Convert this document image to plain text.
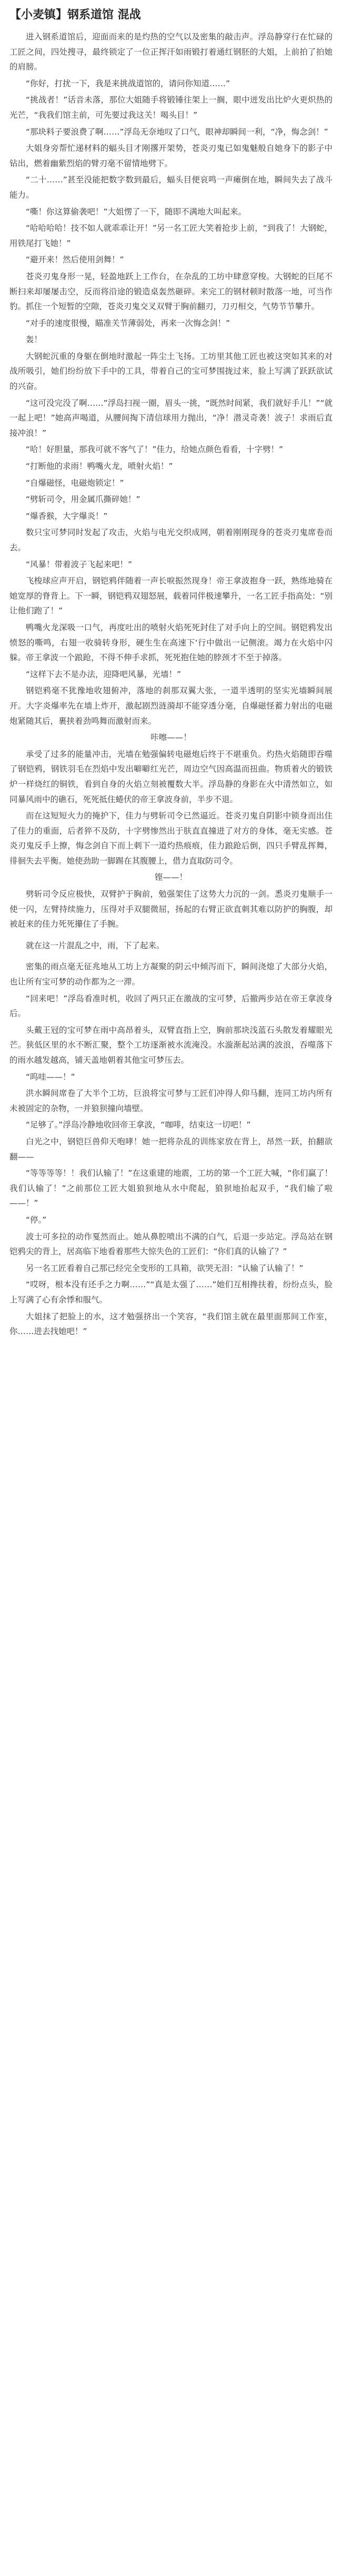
【小麦镇】钢系道馆 混战

进入钢系道馆后，迎面而来的是灼热的空气以及密集的敲击声。浮岛静穿行在忙碌的工匠之间，四处搜寻，最终锁定了一位正挥汗如雨锻打着通红钢胚的大姐，上前拍了拍她的肩膀。

“你好，打扰一下，我是来挑战道馆的，请问你知道……”

“挑战者！”话音未落，那位大姐随手将锻锤往架上一搁，眼中迸发出比炉火更炽热的光芒，“我我们馆主前，可先要过我这关！喝头目！”

“那块料子要浪费了啊……”浮岛无奈地叹了口气，眼神却瞬间一利，“净，悔念剑！”

大姐身旁帮忙递材料的蝠头目才刚撂开架势，苍炎刃鬼已如鬼魅般自她身下的影子中钻出，燃着幽紫烈焰的臂刃毫不留情地劈下。

“二十……”甚至没能把数字数到最后，蝠头目便哀鸣一声瘫倒在地，瞬间失去了战斗能力。

“嘶！你这算偷袭吧！”大姐愣了一下，随即不满地大叫起来。

“哈哈哈哈！技不如人就乖乖让开！”另一名工匠大笑着抢步上前，“到我了！大钢蛇，用铁尾打飞她！”

“避开来！然后使用剑舞！”

苍炎刃鬼身形一晃，轻盈地跃上工作台，在杂乱的工坊中肆意穿梭。大钢蛇的巨尾不断扫来却屡屡击空，反而将沿途的锻造桌轰然砸碎。来完工的钢材顿时散落一地，可当作豹。抓住一个短暂的空隙，苍炎刃鬼交叉双臂于胸前翻刃，刀刃相交，气势节节攀升。

“对手的速度很慢，瞄准关节薄弱处，再来一次悔念剑！”

轰！

大钢蛇沉重的身躯在倒地时激起一阵尘土飞扬。工坊里其他工匠也被这突如其来的对战所吸引，她们纷纷放下手中的工具，带着自己的宝可梦围拢过来，脸上写满了跃跃欲试的兴奋。

“这可没完没了啊……”浮岛扫视一圈，眉头一挑，“既然时间紧，我们就好手儿！”“就一起上吧！”她高声喝道，从腰间掏下清信球用力抛出，“净！潜灵奇袭！波子！求雨后直接冲浪！”

“哈！好胆量，那我可就不客气了！”佳力，给她点颜色看看，十字劈！”

“打断他的求雨！鸭嘴火龙，喷射火焰！”

“自爆磁怪，电磁炮锁定！”

“劈斩司令，用金属爪撕碎她！”

“爆香猴，大字爆炎！”

数只宝可梦同时发起了攻击，火焰与电光交织成网，朝着刚刚现身的苍炎刃鬼席卷而去。

“风暴！带着波子飞起来吧！”

飞梭球应声开启，钢铠鸦伴随着一声长唳振然现身！帝王拿波抱身一跃，熟练地骑在她宽厚的脊背上。下一瞬，钢铠鸦双翅怒展，载着同伴极速攀升，一名工匠手指高处：“别让他们跑了！”

鸭嘴火龙深吸一口气，再度吐出的喷射火焰死死封住了对手向上的空间。钢铠鸦发出愤怒的嘶鸣，右翅一收骑转身形，硬生生在高速下‘行中做出一记侧滚。竭力在火焰中闪躲。帝王拿波一个踉跄，不得不伸手求抓，死死抱住她的脖颈才不至于掉落。

“这样下去不是办法，迎降吧风暴，光墙！”

钢铠鸦毫不犹豫地收翅俯冲，落地的刹那双翼大张，一道半透明的坚实光墙瞬间展开。大字炎爆率先在墙上炸开，激起剧烈涟漪却不能穿透分毫，自爆磁怪蓄力射出的电磁炮紧随其后，裹挟着劲鸣舞而激射而来。

咔嚓——！

承受了过多的能量冲击，光墙在勉强偏转电磁炮后终于不堪重负。灼热火焰随即吞噬了钢铠鸦，钢铁羽毛在烈焰中发出噼噼红光芒，周边空气因高温而扭曲。物质着火的锻铁炉一样烧红的铜铁，看到自身的火焰立刻被覆数大半。浮岛静的身影在火中清然如立，如同暴风雨中的礁石，死死抵住蜷伏的帝王拿波身前，半步不退。

而在这短短火力的掩护下，佳力与劈斩司令已然逼近。苍炎刃鬼自阴影中锁身而出住了佳力的重面，后者猝不及防，十字劈惨然出于肤直直撞进了对方的身体，毫无实感。苍炎刃鬼反手上撩，悔念剑自下而上刺下一道灼热痕痕，佳力踉跄后倒，四只手臂乱挥舞，徘徊失去平衡。她使劲助一脚踢在其腹腰上，借力直取防司令。

铿——！

劈斩司令反应极快，双臂护于胸前，勉强架住了这势大力沉的一剑。悉炎刃鬼顺手一使一闪，左臂持续施力，压得对手双腿微屈，扬起的右臂正欲直刺其难以防护的胸腹，却被赶来的佳力死死攥住了手腕。

就在这一片混乱之中，雨，下了起来。

密集的雨点毫无征兆地从工坊上方凝聚的阴云中倾泻而下，瞬间浇熄了大部分火焰，也让所有宝可梦的动作都为之一滞。

“回来吧！”浮岛看准时机，收回了两只正在激战的宝可梦，后撤两步站在帝王拿波身后。

头戴王冠的宝可梦在雨中高昂着头，双臂直指上空，胸前那块浅蓝石头散发着耀眼光芒。狭低区里的水不断汇聚，整个工坊逐渐被水流淹没。水漩渐起站满的波浪，吞噬落下的雨水越发越高，铺天盖地朝着其他宝可梦压去。

“呜哇——！”

洪水瞬间席卷了大半个工坊，巨浪将宝可梦与工匠们冲得人仰马翻，连同工坊内所有未被固定的杂物，一并狼狈撞向墙壁。

“足够了。”浮岛冷静地收回帝王拿波，“咖啡，结束这一切吧！”

白光之中，钢铠巨兽仰天咆哮！她一把将杂乱的训练家放在背上，昂然一跃，拍翻欲翻——

“等等等等！！我们认输了！”在这重建的地震，工坊的第一个工匠大喊，“你们赢了！我们认输了！”之前那位工匠大姐狼狈地从水中爬起，狼狈地抬起双手，“我们输了啦——！”

“停。”

波士可多拉的动作戛然而止。她从鼻腔喷出不满的白气，后退一步站定。浮岛站在钢铠鸦尖的背上，居高临下地看着那些大惊失色的工匠们：“你们真的认输了？”

另一名工匠看着自己那已经完全变形的工具箱，欲哭无泪：“认输了认输了！”

“哎呀，根本没有还手之力啊……”“真是太强了……”她们互相搀扶着，纷纷点头，脸上写满了心有余悸和服气。

大姐抹了把脸上的水，这才勉强挤出一个笑容，“我们馆主就在最里面那间工作室，你……进去找她吧！”
